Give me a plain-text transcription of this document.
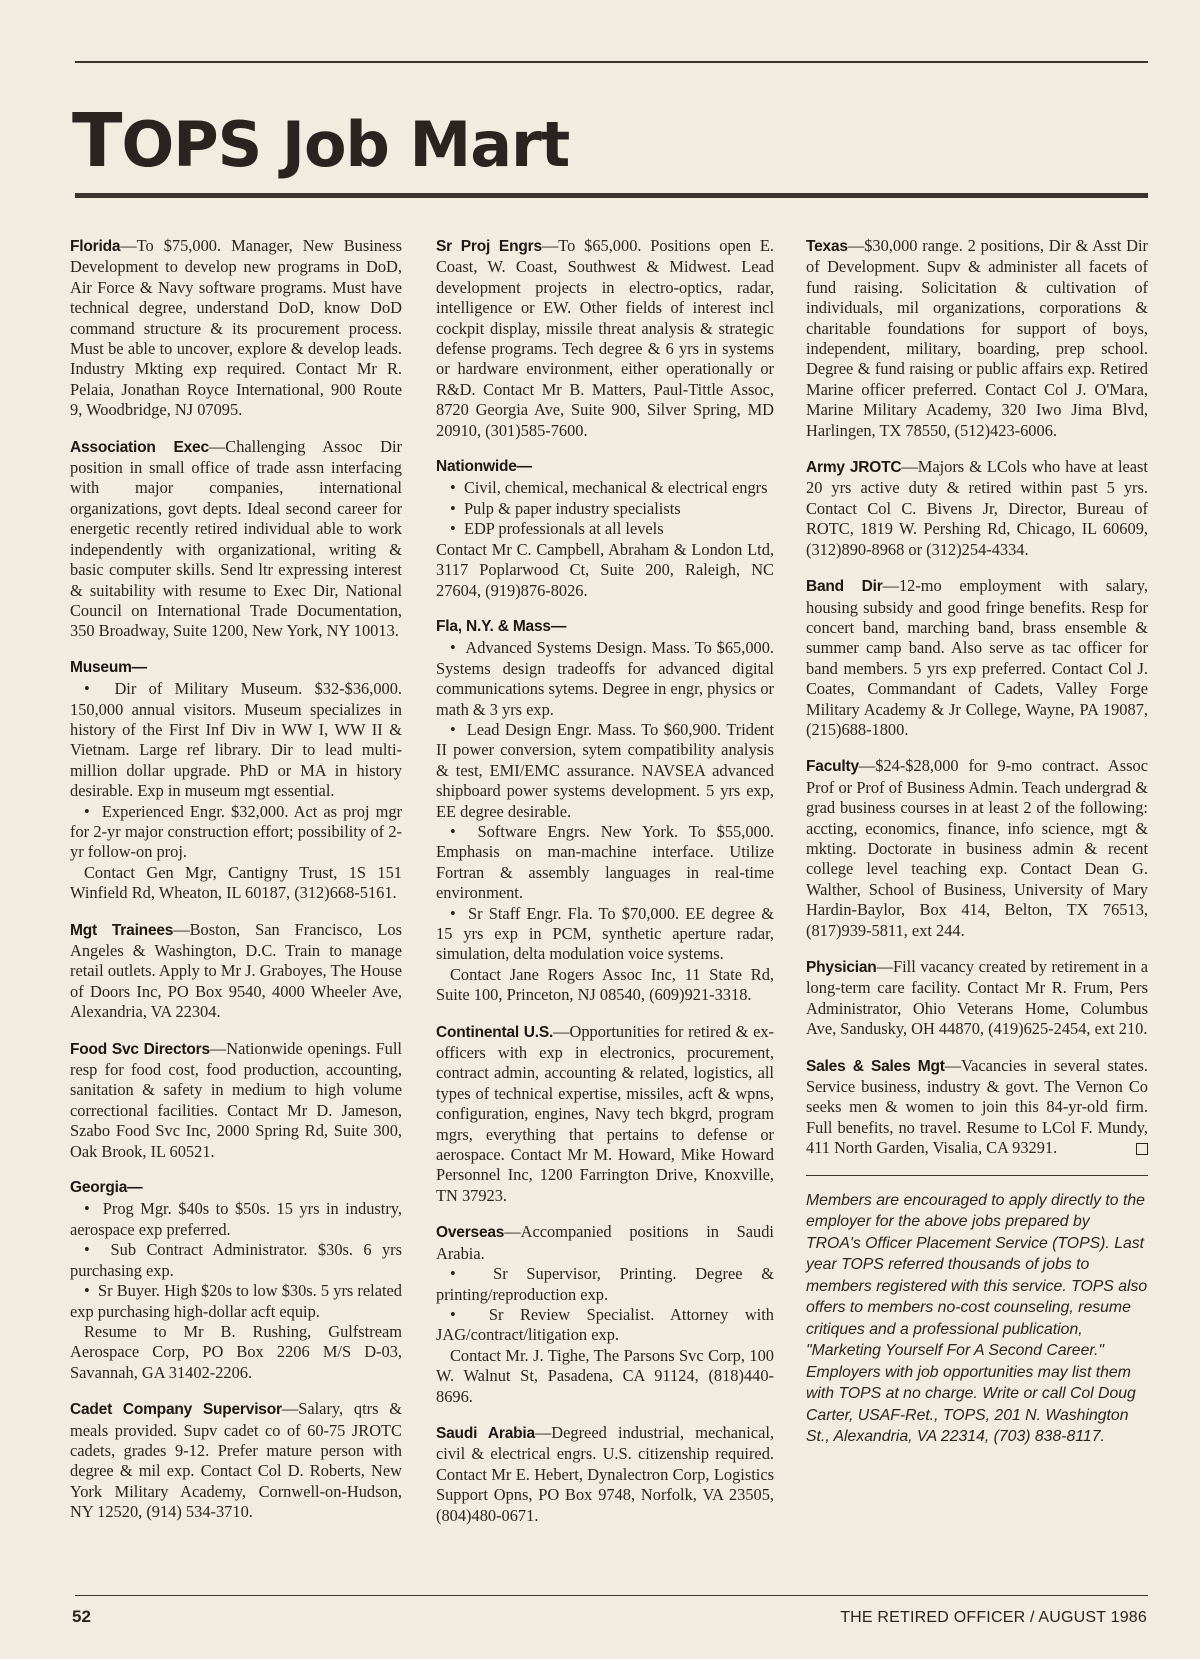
TOPS Job Mart

Florida—To $75,000. Manager, New Business Development to develop new programs in DoD, Air Force & Navy software programs. Must have technical degree, understand DoD, know DoD command structure & its procurement process. Must be able to uncover, explore & develop leads. Industry Mkting exp required. Contact Mr R. Pelaia, Jonathan Royce International, 900 Route 9, Woodbridge, NJ 07095.

Association Exec—Challenging Assoc Dir position in small office of trade assn interfacing with major companies, international organizations, govt depts. Ideal second career for energetic recently retired individual able to work independently with organizational, writing & basic computer skills. Send ltr expressing interest & suitability with resume to Exec Dir, National Council on International Trade Documentation, 350 Broadway, Suite 1200, New York, NY 10013.

Museum—

•  Dir of Military Museum. $32-$36,000. 150,000 annual visitors. Museum specializes in history of the First Inf Div in WW I, WW II & Vietnam. Large ref library. Dir to lead multi-million dollar upgrade. PhD or MA in history desirable. Exp in museum mgt essential.

•  Experienced Engr. $32,000. Act as proj mgr for 2-yr major construction effort; possibility of 2-yr follow-on proj.

Contact Gen Mgr, Cantigny Trust, 1S 151 Winfield Rd, Wheaton, IL 60187, (312)668-5161.

Mgt Trainees—Boston, San Francisco, Los Angeles & Washington, D.C. Train to manage retail outlets. Apply to Mr J. Graboyes, The House of Doors Inc, PO Box 9540, 4000 Wheeler Ave, Alexandria, VA 22304.

Food Svc Directors—Nationwide openings. Full resp for food cost, food production, accounting, sanitation & safety in medium to high volume correctional facilities. Contact Mr D. Jameson, Szabo Food Svc Inc, 2000 Spring Rd, Suite 300, Oak Brook, IL 60521.

Georgia—

•  Prog Mgr. $40s to $50s. 15 yrs in industry, aerospace exp preferred.

•  Sub Contract Administrator. $30s. 6 yrs purchasing exp.

•  Sr Buyer. High $20s to low $30s. 5 yrs related exp purchasing high-dollar acft equip.

Resume to Mr B. Rushing, Gulfstream Aerospace Corp, PO Box 2206 M/S D-03, Savannah, GA 31402-2206.

Cadet Company Supervisor—Salary, qtrs & meals provided. Supv cadet co of 60-75 JROTC cadets, grades 9-12. Prefer mature person with degree & mil exp. Contact Col D. Roberts, New York Military Academy, Cornwell-on-Hudson, NY 12520, (914) 534-3710.

Sr Proj Engrs—To $65,000. Positions open E. Coast, W. Coast, Southwest & Midwest. Lead development projects in electro-optics, radar, intelligence or EW. Other fields of interest incl cockpit display, missile threat analysis & strategic defense programs. Tech degree & 6 yrs in systems or hardware environment, either operationally or R&D. Contact Mr B. Matters, Paul-Tittle Assoc, 8720 Georgia Ave, Suite 900, Silver Spring, MD 20910, (301)585-7600.

Nationwide—

•  Civil, chemical, mechanical & electrical engrs

•  Pulp & paper industry specialists

•  EDP professionals at all levels

Contact Mr C. Campbell, Abraham & London Ltd, 3117 Poplarwood Ct, Suite 200, Raleigh, NC 27604, (919)876-8026.

Fla, N.Y. & Mass—

•  Advanced Systems Design. Mass. To $65,000. Systems design tradeoffs for advanced digital communications sytems. Degree in engr, physics or math & 3 yrs exp.

•  Lead Design Engr. Mass. To $60,900. Trident II power conversion, sytem compatibility analysis & test, EMI/EMC assurance. NAVSEA advanced shipboard power systems development. 5 yrs exp, EE degree desirable.

•  Software Engrs. New York. To $55,000. Emphasis on man-machine interface. Utilize Fortran & assembly languages in real-time environment.

•  Sr Staff Engr. Fla. To $70,000. EE degree & 15 yrs exp in PCM, synthetic aperture radar, simulation, delta modulation voice systems.

Contact Jane Rogers Assoc Inc, 11 State Rd, Suite 100, Princeton, NJ 08540, (609)921-3318.

Continental U.S.—Opportunities for retired & ex-officers with exp in electronics, procurement, contract admin, accounting & related, logistics, all types of technical expertise, missiles, acft & wpns, configuration, engines, Navy tech bkgrd, program mgrs, everything that pertains to defense or aerospace. Contact Mr M. Howard, Mike Howard Personnel Inc, 1200 Farrington Drive, Knoxville, TN 37923.

Overseas—Accompanied positions in Saudi Arabia.

•  Sr Supervisor, Printing. Degree & printing/reproduction exp.

•  Sr Review Specialist. Attorney with JAG/contract/litigation exp.

Contact Mr. J. Tighe, The Parsons Svc Corp, 100 W. Walnut St, Pasadena, CA 91124, (818)440-8696.

Saudi Arabia—Degreed industrial, mechanical, civil & electrical engrs. U.S. citizenship required. Contact Mr E. Hebert, Dynalectron Corp, Logistics Support Opns, PO Box 9748, Norfolk, VA 23505, (804)480-0671.

Texas—$30,000 range. 2 positions, Dir & Asst Dir of Development. Supv & administer all facets of fund raising. Solicitation & cultivation of individuals, mil organizations, corporations & charitable foundations for support of boys, independent, military, boarding, prep school. Degree & fund raising or public affairs exp. Retired Marine officer preferred. Contact Col J. O'Mara, Marine Military Academy, 320 Iwo Jima Blvd, Harlingen, TX 78550, (512)423-6006.

Army JROTC—Majors & LCols who have at least 20 yrs active duty & retired within past 5 yrs. Contact Col C. Bivens Jr, Director, Bureau of ROTC, 1819 W. Pershing Rd, Chicago, IL 60609, (312)890-8968 or (312)254-4334.

Band Dir—12-mo employment with salary, housing subsidy and good fringe benefits. Resp for concert band, marching band, brass ensemble & summer camp band. Also serve as tac officer for band members. 5 yrs exp preferred. Contact Col J. Coates, Commandant of Cadets, Valley Forge Military Academy & Jr College, Wayne, PA 19087, (215)688-1800.

Faculty—$24-$28,000 for 9-mo contract. Assoc Prof or Prof of Business Admin. Teach undergrad & grad business courses in at least 2 of the following: accting, economics, finance, info science, mgt & mkting. Doctorate in business admin & recent college level teaching exp. Contact Dean G. Walther, School of Business, University of Mary Hardin-Baylor, Box 414, Belton, TX 76513, (817)939-5811, ext 244.

Physician—Fill vacancy created by retirement in a long-term care facility. Contact Mr R. Frum, Pers Administrator, Ohio Veterans Home, Columbus Ave, Sandusky, OH 44870, (419)625-2454, ext 210.

Sales & Sales Mgt—Vacancies in several states. Service business, industry & govt. The Vernon Co seeks men & women to join this 84-yr-old firm. Full benefits, no travel. Resume to LCol F. Mundy, 411 North Garden, Visalia, CA 93291.

Members are encouraged to apply directly to the employer for the above jobs prepared by TROA's Officer Placement Service (TOPS). Last year TOPS referred thousands of jobs to members registered with this service. TOPS also offers to members no-cost counseling, resume critiques and a professional publication, "Marketing Yourself For A Second Career." Employers with job opportunities may list them with TOPS at no charge. Write or call Col Doug Carter, USAF-Ret., TOPS, 201 N. Washington St., Alexandria, VA 22314, (703) 838-8117.

52	THE RETIRED OFFICER / AUGUST 1986
